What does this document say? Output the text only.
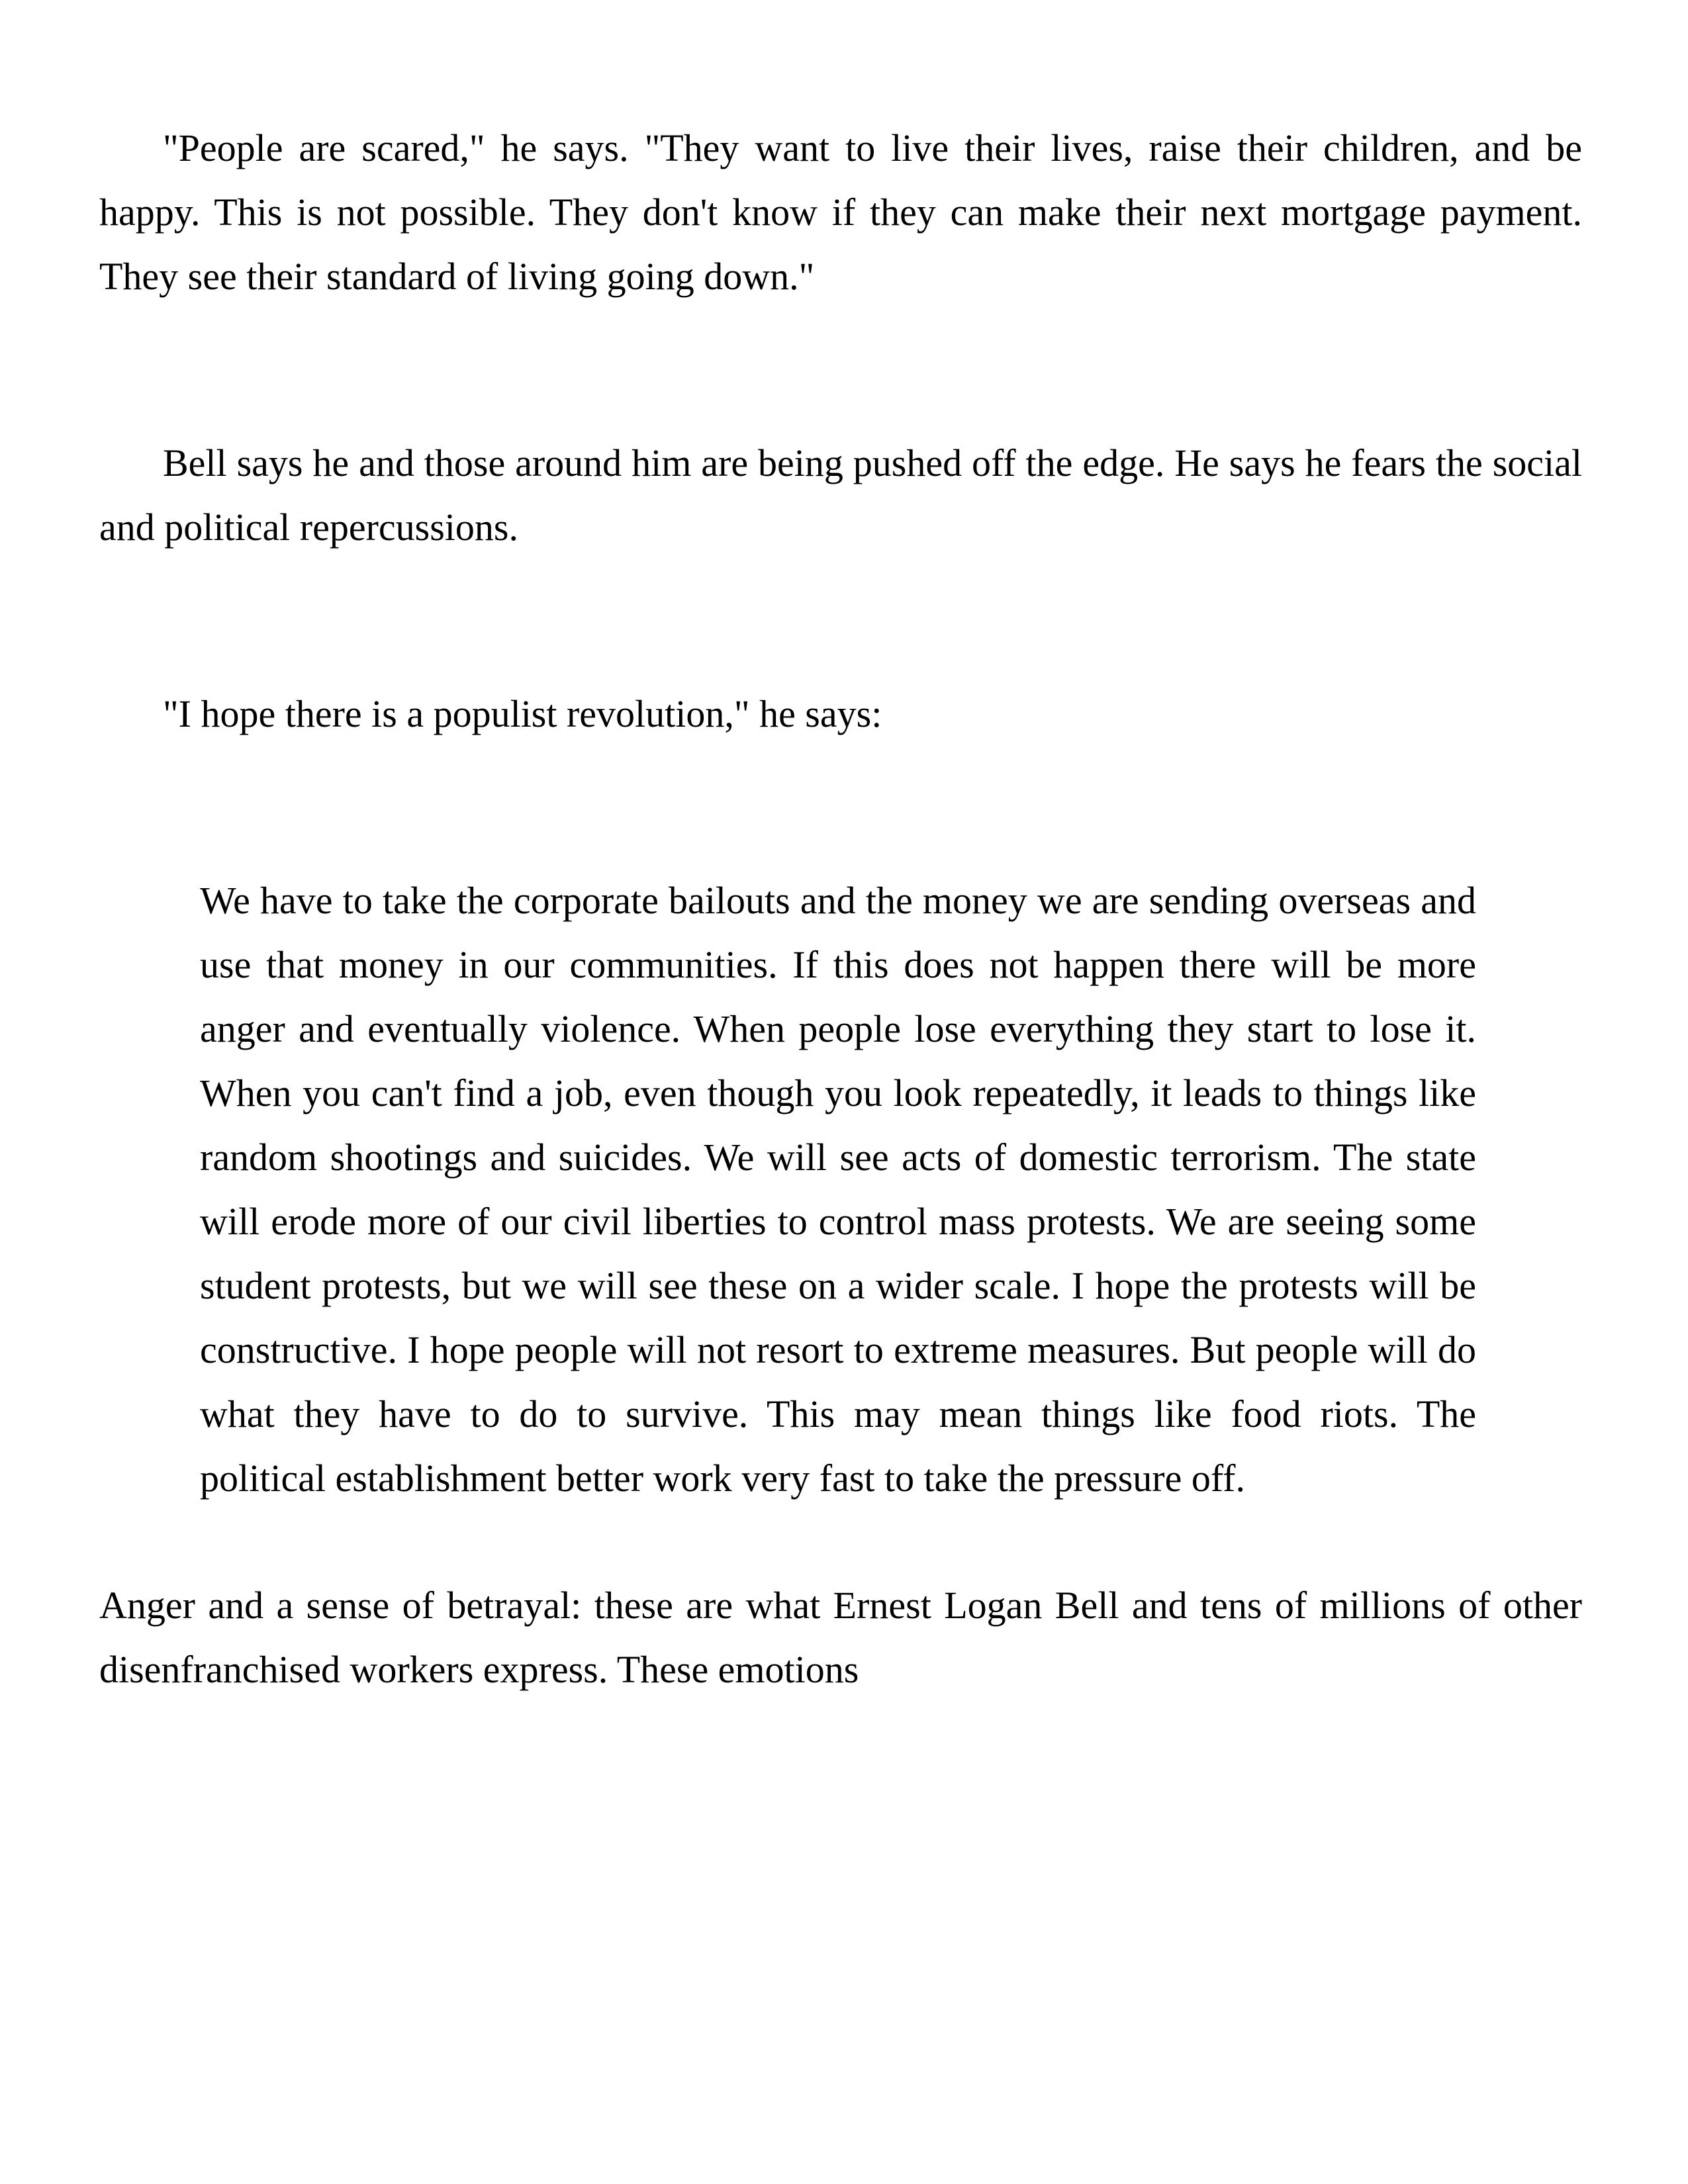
"People are scared," he says. "They want to live their lives, raise their children, and be happy. This is not possible. They don't know if they can make their next mortgage payment. They see their standard of living going down."

Bell says he and those around him are being pushed off the edge. He says he fears the social and political repercussions.

"I hope there is a populist revolution," he says:

We have to take the corporate bailouts and the money we are sending overseas and use that money in our communities. If this does not happen there will be more anger and eventually violence. When people lose everything they start to lose it. When you can't find a job, even though you look repeatedly, it leads to things like random shootings and suicides. We will see acts of domestic terrorism. The state will erode more of our civil liberties to control mass protests. We are seeing some student protests, but we will see these on a wider scale. I hope the protests will be constructive. I hope people will not resort to extreme measures. But people will do what they have to do to survive. This may mean things like food riots. The political establishment better work very fast to take the pressure off.

Anger and a sense of betrayal: these are what Ernest Logan Bell and tens of millions of other disenfranchised workers express. These emotions
